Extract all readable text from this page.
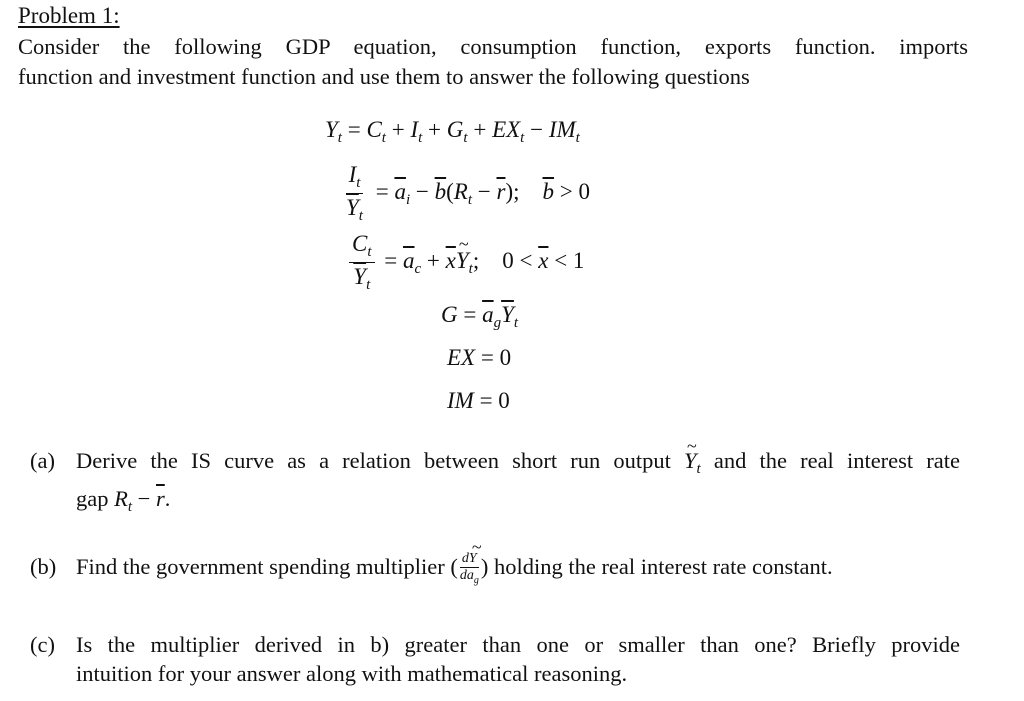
Problem 1:
Consider the following GDP equation, consumption function, exports function. imports
function and investment function and use them to answer the following questions
$Y_t = C_t + I_t + G_t + EX_t - IM_t$
$\frac{I_t}{\overline{Y}_t} = \overline{a}_i - \overline{b}(R_t - \overline{r})$; $\overline{b} > 0$
$\frac{C_t}{\overline{Y}_t} = \overline{a}_c$ + $\overline{x}\sim$ $Y_t$; $0 < \overline{x} < 1$
$G = \overline{a}_g\overline{Y}_t$
EX = 0
IM = 0
(a) Derive the IS curve as a relation between short run output ~ $Y_t$ and the real interest rate
gap $R_t - \overline{r}$.
(b) Find the government spending multiplier ( d~ Y
$d\overline{a}_g$
) holding the real interest rate constant.
(c) Is the multiplier derived in b) greater than one or smaller than one? Briefly provide
intuition for your answer along with mathematical reasoning.
